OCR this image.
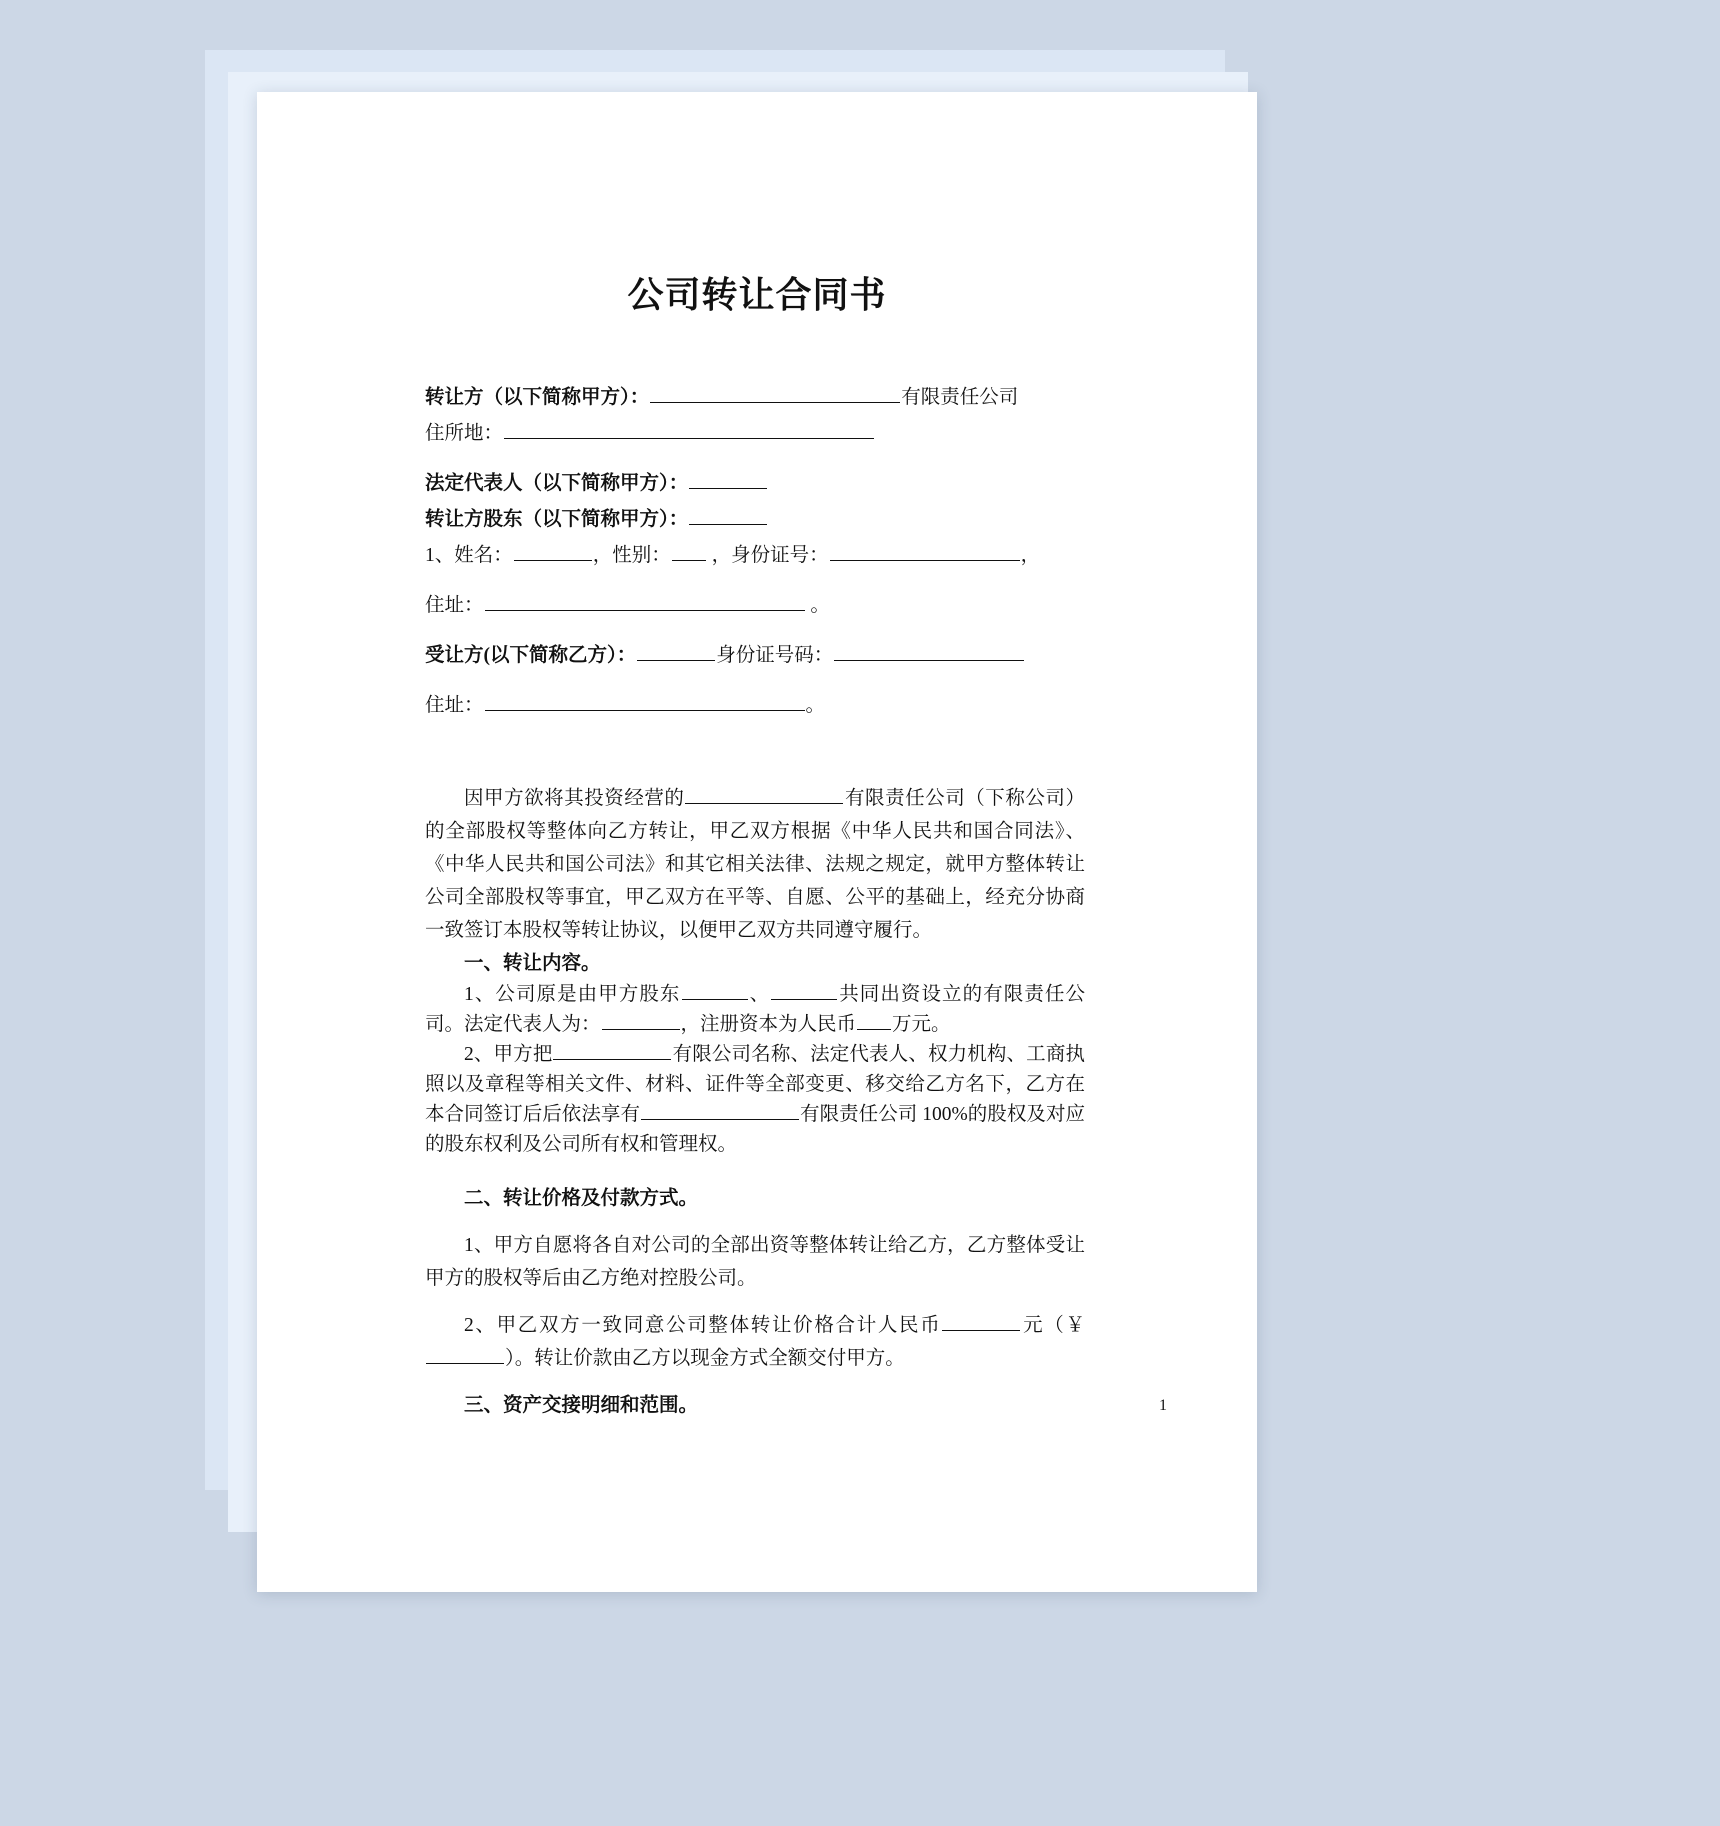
公司转让合同书
转让方（以下简称甲方）：	有限责任公司
住所地：
法定代表人（以下简称甲方）：
转让方股东（以下简称甲方）：
1、姓名：	，性别： ，身份证号：	，
住址：	。
受让方(以下简称乙方）：	身份证号码：
住址：	。
因甲方欲将其投资经营的	有限责任公司（下称公司）的全部股权等整体向乙方转让，甲乙双方根据《中华人民共和国合同法》、《中华人民共和国公司法》和其它相关法律、法规之规定，就甲方整体转让公司全部股权等事宜，甲乙双方在平等、自愿、公平的基础上，经充分协商一致签订本股权等转让协议，以便甲乙双方共同遵守履行。
一、转让内容。
1、公司原是由甲方股东	、	共同出资设立的有限责任公司。法定代表人为：	，注册资本为人民币 万元。
2、甲方把	有限公司名称、法定代表人、权力机构、工商执照以及章程等相关文件、材料、证件等全部变更、移交给乙方名下，乙方在本合同签订后后依法享有	有限责任公司 100%的股权及对应的股东权利及公司所有权和管理权。
二、转让价格及付款方式。
1、甲方自愿将各自对公司的全部出资等整体转让给乙方，乙方整体受让甲方的股权等后由乙方绝对控股公司。
2、甲乙双方一致同意公司整体转让价格合计人民币	元（￥）。转让价款由乙方以现金方式全额交付甲方。
三、资产交接明细和范围。	1
